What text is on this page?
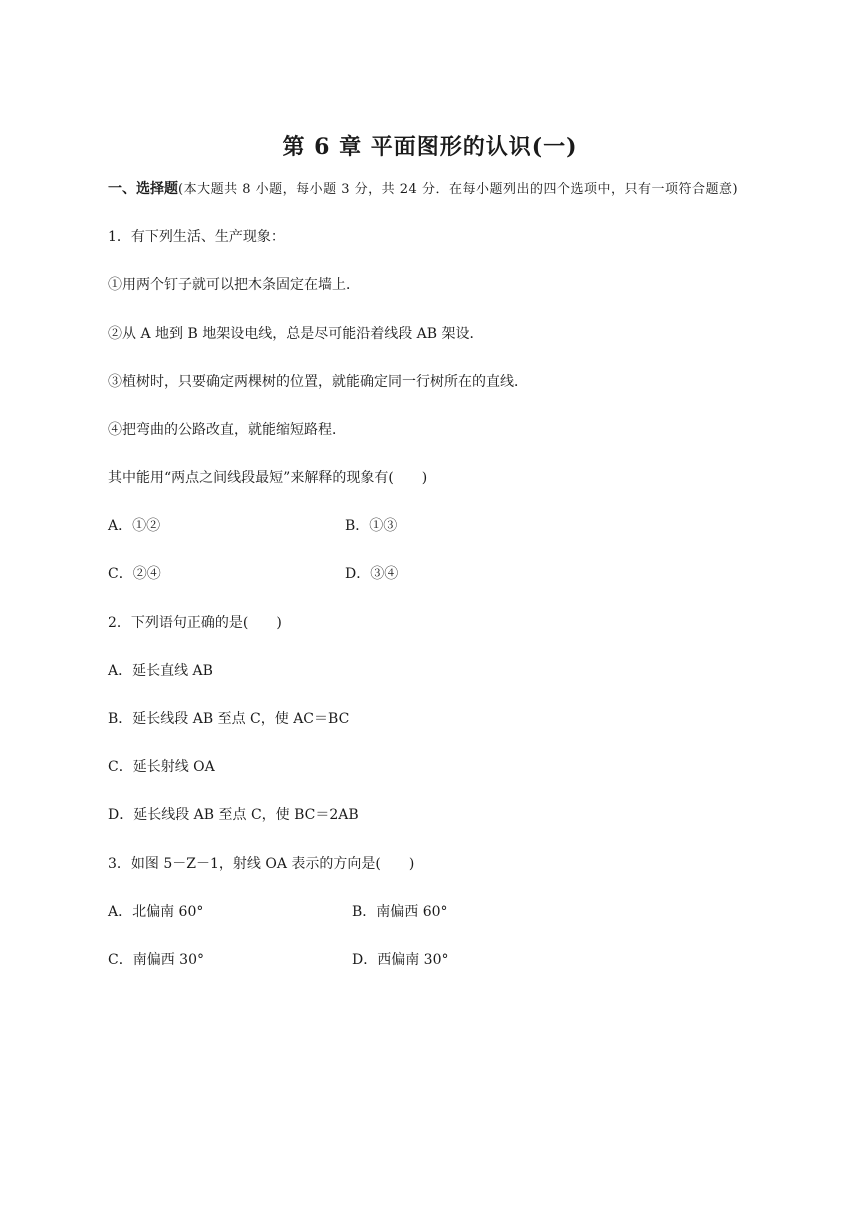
第 6 章 平面图形的认识(一)
一、选择题(本大题共 8 小题，每小题 3 分，共 24 分．在每小题列出的四个选项中，只有一项符合题意)
1．有下列生活、生产现象：
①用两个钉子就可以把木条固定在墙上．
②从 A 地到 B 地架设电线，总是尽可能沿着线段 AB 架设．
③植树时，只要确定两棵树的位置，就能确定同一行树所在的直线．
④把弯曲的公路改直，就能缩短路程．
其中能用“两点之间线段最短”来解释的现象有(　　)
A．①②	B．①③
C．②④	D．③④
2．下列语句正确的是(　　)
A．延长直线 AB
B．延长线段 AB 至点 C，使 AC＝BC
C．延长射线 OA
D．延长线段 AB 至点 C，使 BC＝2AB
3．如图 5－Z－1，射线 OA 表示的方向是(　　)
A．北偏南 60°	B．南偏西 60°
C．南偏西 30°	D．西偏南 30°
